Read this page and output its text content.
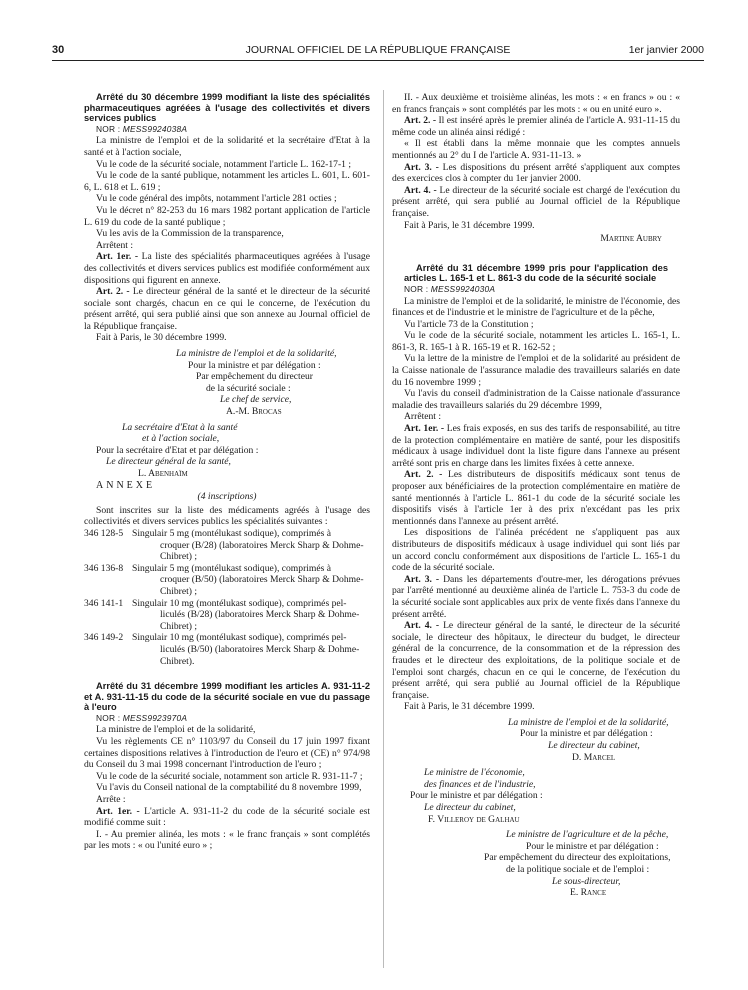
30	JOURNAL OFFICIEL DE LA RÉPUBLIQUE FRANÇAISE	1er janvier 2000

Arrêté du 30 décembre 1999 modifiant la liste des spécialités pharmaceutiques agréées à l'usage des collectivités et divers services publics

NOR : MESS9924038A

La ministre de l'emploi et de la solidarité et la secrétaire d'Etat à la santé et à l'action sociale,

Vu le code de la sécurité sociale, notamment l'article L. 162-17-1 ;

Vu le code de la santé publique, notamment les articles L. 601, L. 601-6, L. 618 et L. 619 ;

Vu le code général des impôts, notamment l'article 281 octies ;

Vu le décret n° 82-253 du 16 mars 1982 portant application de l'article L. 619 du code de la santé publique ;

Vu les avis de la Commission de la transparence,

Arrêtent :

Art. 1er. - La liste des spécialités pharmaceutiques agréées à l'usage des collectivités et divers services publics est modifiée conformément aux dispositions qui figurent en annexe.

Art. 2. - Le directeur général de la santé et le directeur de la sécurité sociale sont chargés, chacun en ce qui le concerne, de l'exécution du présent arrêté, qui sera publié ainsi que son annexe au Journal officiel de la République française.

Fait à Paris, le 30 décembre 1999.

La ministre de l'emploi et de la solidarité,

Pour la ministre et par délégation :

Par empêchement du directeur

de la sécurité sociale :

Le chef de service,

A.-M. Brocas

La secrétaire d'Etat à la santé

et à l'action sociale,

Pour la secrétaire d'Etat et par délégation :

Le directeur général de la santé,

L. Abenhaïm

ANNEXE

(4 inscriptions)

Sont inscrites sur la liste des médicaments agréés à l'usage des collectivités et divers services publics les spécialités suivantes :

346 128-5 Singulair 5 mg (montélukast sodique), comprimés à
croquer (B/28) (laboratoires Merck Sharp & Dohme-
Chibret) ;
346 136-8 Singulair 5 mg (montélukast sodique), comprimés à
croquer (B/50) (laboratoires Merck Sharp & Dohme-
Chibret) ;
346 141-1 Singulair 10 mg (montélukast sodique), comprimés pel-
liculés (B/28) (laboratoires Merck Sharp & Dohme-
Chibret) ;
346 149-2 Singulair 10 mg (montélukast sodique), comprimés pel-
liculés (B/50) (laboratoires Merck Sharp & Dohme-
Chibret).

Arrêté du 31 décembre 1999 modifiant les articles A. 931-11-2 et A. 931-11-15 du code de la sécurité sociale en vue du passage à l'euro

NOR : MESS9923970A

La ministre de l'emploi et de la solidarité,

Vu les règlements CE n° 1103/97 du Conseil du 17 juin 1997 fixant certaines dispositions relatives à l'introduction de l'euro et (CE) n° 974/98 du Conseil du 3 mai 1998 concernant l'introduction de l'euro ;

Vu le code de la sécurité sociale, notamment son article R. 931-11-7 ;

Vu l'avis du Conseil national de la comptabilité du 8 novembre 1999,

Arrête :

Art. 1er. - L'article A. 931-11-2 du code de la sécurité sociale est modifié comme suit :

I. - Au premier alinéa, les mots : « le franc français » sont complétés par les mots : « ou l'unité euro » ;

II. - Aux deuxième et troisième alinéas, les mots : « en francs » ou : « en francs français » sont complétés par les mots : « ou en unité euro ».

Art. 2. - Il est inséré après le premier alinéa de l'article A. 931-11-15 du même code un alinéa ainsi rédigé :

« Il est établi dans la même monnaie que les comptes annuels mentionnés au 2° du I de l'article A. 931-11-13. »

Art. 3. - Les dispositions du présent arrêté s'appliquent aux comptes des exercices clos à compter du 1er janvier 2000.

Art. 4. - Le directeur de la sécurité sociale est chargé de l'exécution du présent arrêté, qui sera publié au Journal officiel de la République française.

Fait à Paris, le 31 décembre 1999.

Martine Aubry

Arrêté du 31 décembre 1999 pris pour l'application des articles L. 165-1 et L. 861-3 du code de la sécurité sociale

NOR : MESS9924030A

La ministre de l'emploi et de la solidarité, le ministre de l'économie, des finances et de l'industrie et le ministre de l'agriculture et de la pêche,

Vu l'article 73 de la Constitution ;

Vu le code de la sécurité sociale, notamment les articles L. 165-1, L. 861-3, R. 165-1 à R. 165-19 et R. 162-52 ;

Vu la lettre de la ministre de l'emploi et de la solidarité au président de la Caisse nationale de l'assurance maladie des travailleurs salariés en date du 16 novembre 1999 ;

Vu l'avis du conseil d'administration de la Caisse nationale d'assurance maladie des travailleurs salariés du 29 décembre 1999,

Arrêtent :

Art. 1er. - Les frais exposés, en sus des tarifs de responsabilité, au titre de la protection complémentaire en matière de santé, pour les dispositifs médicaux à usage individuel dont la liste figure dans l'annexe au présent arrêté sont pris en charge dans les limites fixées à cette annexe.

Art. 2. - Les distributeurs de dispositifs médicaux sont tenus de proposer aux bénéficiaires de la protection complémentaire en matière de santé mentionnés à l'article L. 861-1 du code de la sécurité sociale les dispositifs visés à l'article 1er à des prix n'excédant pas les prix mentionnés dans l'annexe au présent arrêté.

Les dispositions de l'alinéa précédent ne s'appliquent pas aux distributeurs de dispositifs médicaux à usage individuel qui sont liés par un accord conclu conformément aux dispositions de l'article L. 165-1 du code de la sécurité sociale.

Art. 3. - Dans les départements d'outre-mer, les dérogations prévues par l'arrêté mentionné au deuxième alinéa de l'article L. 753-3 du code de la sécurité sociale sont applicables aux prix de vente fixés dans l'annexe du présent arrêté.

Art. 4. - Le directeur général de la santé, le directeur de la sécurité sociale, le directeur des hôpitaux, le directeur du budget, le directeur général de la concurrence, de la consommation et de la répression des fraudes et le directeur des exploitations, de la politique sociale et de l'emploi sont chargés, chacun en ce qui le concerne, de l'exécution du présent arrêté, qui sera publié au Journal officiel de la République française.

Fait à Paris, le 31 décembre 1999.

La ministre de l'emploi et de la solidarité,

Pour la ministre et par délégation :

Le directeur du cabinet,

D. Marcel

Le ministre de l'économie,

des finances et de l'industrie,

Pour le ministre et par délégation :

Le directeur du cabinet,

F. Villeroy de Galhau

Le ministre de l'agriculture et de la pêche,

Pour le ministre et par délégation :

Par empêchement du directeur des exploitations,

de la politique sociale et de l'emploi :

Le sous-directeur,

E. Rance
